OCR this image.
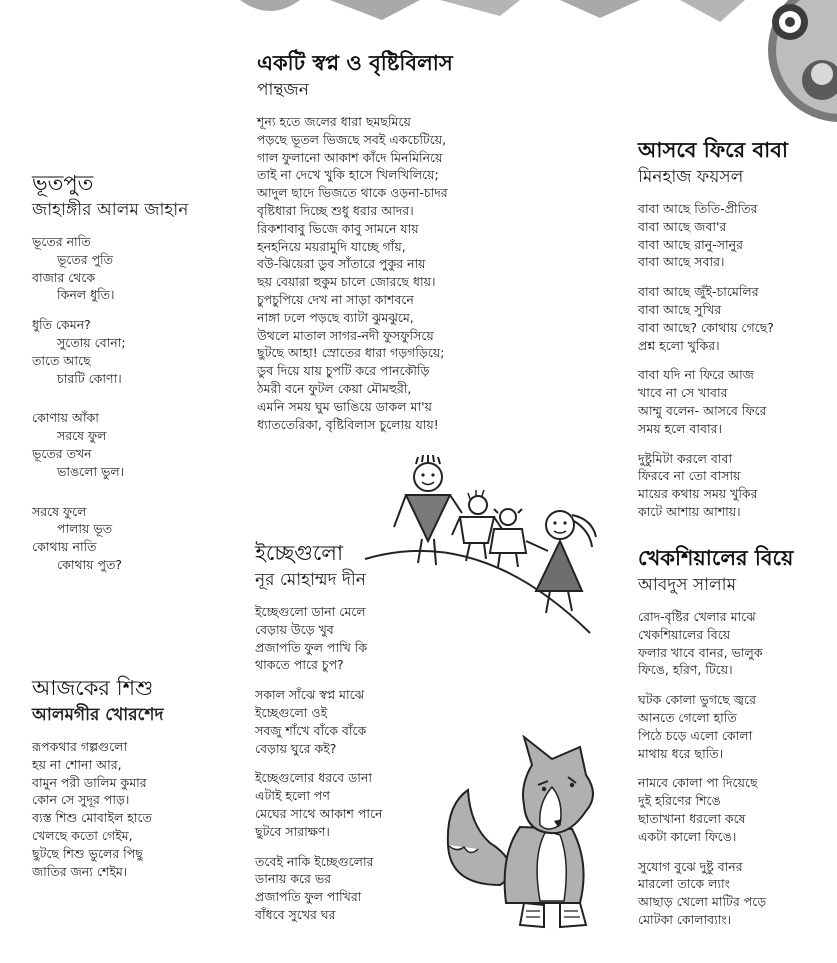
ভূতপুত
জাহাঙ্গীর আলম জাহান
ভূতের নাতি
ভূতের পুতি
বাজার থেকে
কিনল ধুতি।
ধুতি কেমন?
সুতোয় বোনা;
তাতে আছে
চারটি কোণা।
কোণায় আঁকা
সরষে ফুল
ভূতের তখন
ভাঙলো ভুল।
সরষে ফুলে
পালায় ভূত
কোথায় নাতি
কোথায় পুত?
আজকের শিশু
আলমগীর খোরশেদ
রূপকথার গল্পগুলো
হয় না শোনা আর,
বামুন পরী ডালিম কুমার
কোন সে সুদূর পাড়।
ব্যস্ত শিশু মোবাইল হাতে
খেলছে কতো গেইম,
ছুটছে শিশু ভুলের পিছু
জাতির জন্য শেইম।
একটি স্বপ্ন ও বৃষ্টিবিলাস
পান্থজন
শূন্য হতে জলের ধারা ছমছমিয়ে
পড়ছে ভূতল ভিজছে সবই একচেটিয়ে,
গাল ফুলানো আকাশ কাঁদে মিনমিনিয়ে
তাই না দেখে খুকি হাসে খিলখিলিয়ে;
আদুল ছাদে ভিজতে থাকে ওড়না-চাদর
বৃষ্টিধারা দিচ্ছে শুধু ধরার আদর।
রিকশাবাবু ভিজে কাবু সামনে যায়
হনহনিয়ে ময়রামুদি যাচ্ছে গাঁয়,
বউ-ঝিয়েরা ডুব সাঁতারে পুকুর নায়
ছয় বেয়ারা হুকুম চালে জোরছে ধায়।
চুপচুপিয়ে দেখ না সাড়া কাশবনে
নাঙ্গা ঢলে পড়ছে ব্যাটা ঝুমঝুমে,
উথলে মাতাল সাগর-নদী ফুসফুসিয়ে
ছুটছে আহা! স্রোতের ধারা গড়গড়িয়ে;
ডুব দিয়ে যায় চুপটি করে পানকৌড়ি
ঠমরী বনে ফুটল কেয়া মৌমহুরী,
এমনি সময় ঘুম ভাঙিয়ে ডাকল মা'য়
ধ্যাততেরিকা, বৃষ্টিবিলাস চুলোয় যায়!
ইচ্ছেগুলো
নূর মোহাম্মদ দীন
ইচ্ছেগুলো ডানা মেলে
বেড়ায় উড়ে খুব
প্রজাপতি ফুল পাখি কি
থাকতে পারে চুপ?
সকাল সাঁঝে স্বপ্ন মাঝে
ইচ্ছেগুলো ওই
সবজু শাঁখে বাঁকে বাঁকে
বেড়ায় ঘুরে কই?
ইচ্ছেগুলোর ধরবে ডানা
এটাই হলো পণ
মেঘের সাথে আকাশ পানে
ছুটবে সারাক্ষণ।
তবেই নাকি ইচ্ছেগুলোর
ডানায় করে ভর
প্রজাপতি ফুল পাখিরা
বাঁধবে সুখের ঘর
আসবে ফিরে বাবা
মিনহাজ ফয়সল
বাবা আছে তিতি-প্রীতির
বাবা আছে জবা'র
বাবা আছে রানু-সানুর
বাবা আছে সবার।
বাবা আছে জুঁই-চামেলির
বাবা আছে সুখির
বাবা আছে? কোথায় গেছে?
প্রশ্ন হলো খুকির।
বাবা যদি না ফিরে আজ
খাবে না সে খাবার
আম্মু বলেন- আসবে ফিরে
সময় হলে বাবার।
দুষ্টুমিটা করলে বাবা
ফিরবে না তো বাসায়
মায়ের কথায় সময় খুকির
কাটে আশায় আশায়।
খেকশিয়ালের বিয়ে
আবদুস সালাম
রোদ-বৃষ্টির খেলার মাঝে
খেকশিয়ালের বিয়ে
ফলার খাবে বানর, ভালুক
ফিঙে, হরিণ, টিয়ে।
ঘটক কোলা ভুগছে জ্বরে
আনতে গেলো হাতি
পিঠে চড়ে এলো কোলা
মাথায় ধরে ছাতি।
নামবে কোলা পা দিয়েছে
দুই হরিণের শিঙে
ছাতাখানা ধরলো কষে
একটা কালো ফিঙে।
সুযোগ বুঝে দুষ্টু বানর
মারলো তাকে ল্যাং
আছাড় খেলো মাটির পড়ে
মোটকা কোলাব্যাং।
